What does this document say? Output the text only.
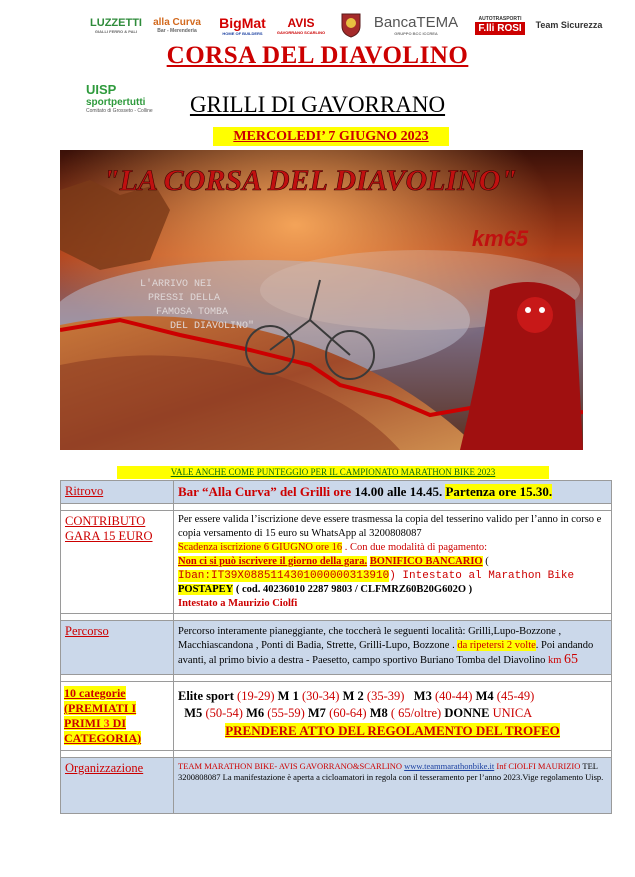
LUZZETTI
GIALLI FERRO & PALI
alla Curva
Bar - Merenderia BigMat
HOME OF BUILDERS
AVIS
GAVORRANO SCARLINO
BancaTEMA
GRUPPO BCC ICCREA
AUTOTRASPORTI
F.lli ROSI	Team Sicurezza
CORSA DEL DIAVOLINO
UISP
sportpertutti
Comitato di Grosseto - Colline	GRILLI DI GAVORRANO
MERCOLEDI’ 7 GIUGNO 2023
"LA CORSA DEL DIAVOLINO"
km65
L'ARRIVO NEI
PRESSI DELLA
FAMOSA TOMBA
DEL DIAVOLINO"
VALE ANCHE COME PUNTEGGIO PER IL CAMPIONATO MARATHON BIKE 2023
Ritrovo	Bar “Alla Curva” del Grilli ore 14.00 alle 14.45. Partenza ore 15.30.

CONTRIBUTO GARA 15 EURO	Per essere valida l’iscrizione deve essere trasmessa la copia del tesserino valido per l’anno in corso e copia versamento di 15 euro su WhatsApp al 3200808087
Scadenza iscrizione 6 GIUGNO ore 16 . Con due modalità di pagamento:
Non ci si può iscrivere il giorno della gara. BONIFICO BANCARIO (
Iban:IT39X0885114301000000313910) Intestato al Marathon Bike POSTAPEY ( cod. 40236010 2287 9803 / CLFMRZ60B20G602O )
Intestato a Maurizio Ciolfi

Percorso	Percorso interamente pianeggiante, che toccherà le seguenti località: Grilli,Lupo-Bozzone , Macchiascandona , Ponti di Badia, Strette, Grilli-Lupo, Bozzone . da ripetersi 2 volte. Poi andando avanti, al primo bivio a destra - Paesetto, campo sportivo Buriano Tomba del Diavolino km 65

10 categorie (PREMIATI I PRIMI 3 DI CATEGORIA)	Elite sport (19-29) M 1 (30-34) M 2 (35-39) M3 (40-44) M4 (45-49)
M5 (50-54) M6 (55-59) M7 (60-64) M8 ( 65/oltre) DONNE UNICA

PRENDERE ATTO DEL REGOLAMENTO DEL TROFEO

Organizzazione	TEAM MARATHON BIKE- AVIS GAVORRANO&SCARLINO www.teammarathonbike.it Inf CIOLFI MAURIZIO TEL 3200808087 La manifestazione è aperta a cicloamatori in regola con il tesseramento per l’anno 2023.Vige regolamento Uisp.
